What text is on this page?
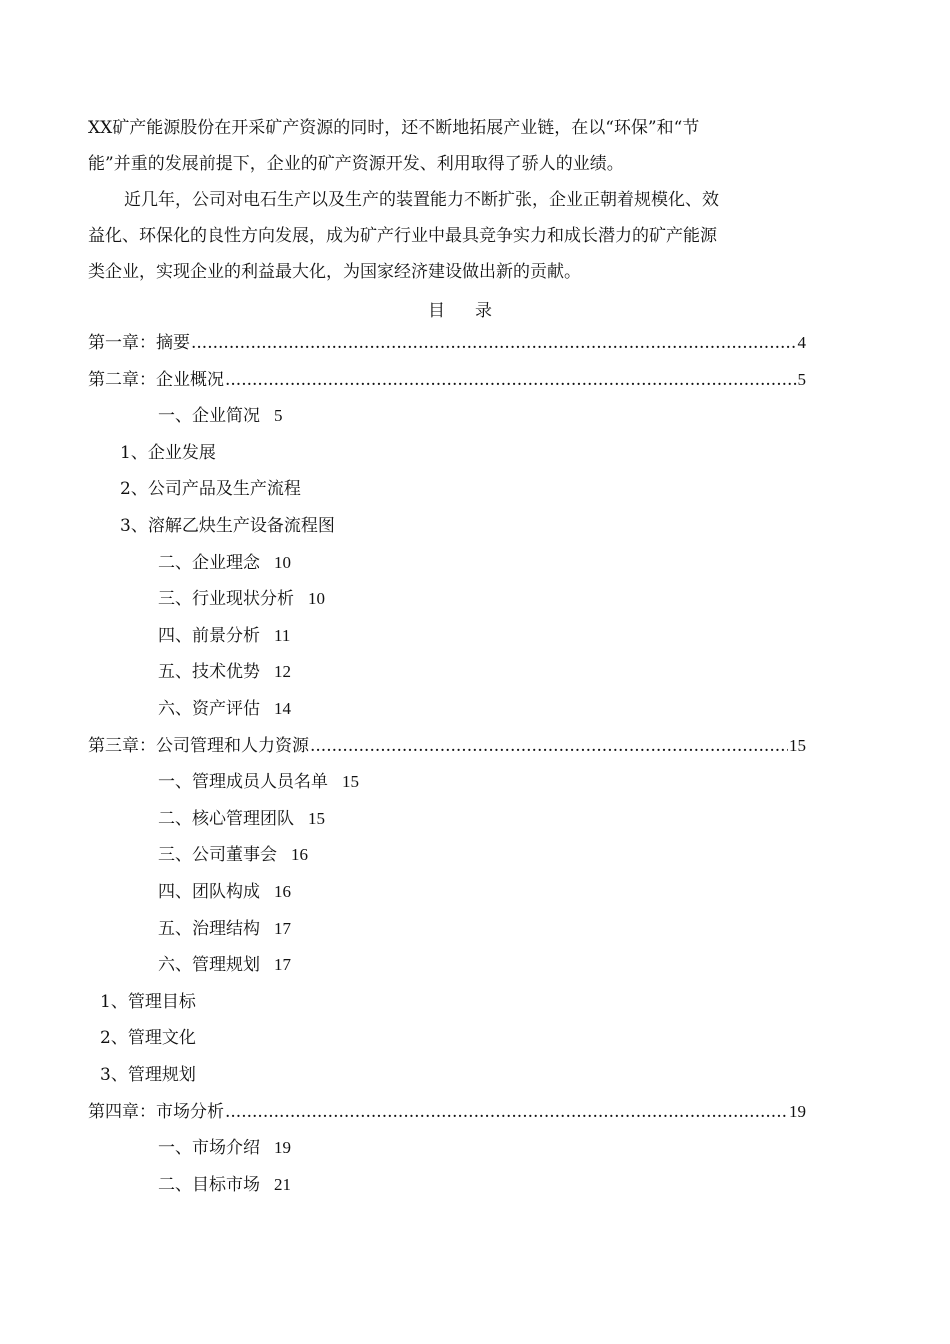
XX矿产能源股份在开采矿产资源的同时，还不断地拓展产业链，在以“环保”和“节

能”并重的发展前提下，企业的矿产资源开发、利用取得了骄人的业绩。

近几年，公司对电石生产以及生产的装置能力不断扩张，企业正朝着规模化、效

益化、环保化的良性方向发展，成为矿产行业中最具竞争实力和成长潜力的矿产能源

类企业，实现企业的利益最大化，为国家经济建设做出新的贡献。

目录
第一章：摘要 .....	4
第二章：企业概况 .....	5
一、企业简况 5
1、企业发展
2、公司产品及生产流程
3、溶解乙炔生产设备流程图
二、企业理念 10
三、行业现状分析 10
四、前景分析 11
五、技术优势 12
六、资产评估 14
第三章：公司管理和人力资源 .....	15
一、管理成员人员名单 15
二、核心管理团队 15
三、公司董事会 16
四、团队构成 16
五、治理结构 17
六、管理规划 17
1、管理目标
2、管理文化
3、管理规划
第四章：市场分析 .....	19
一、市场介绍 19
二、目标市场 21
